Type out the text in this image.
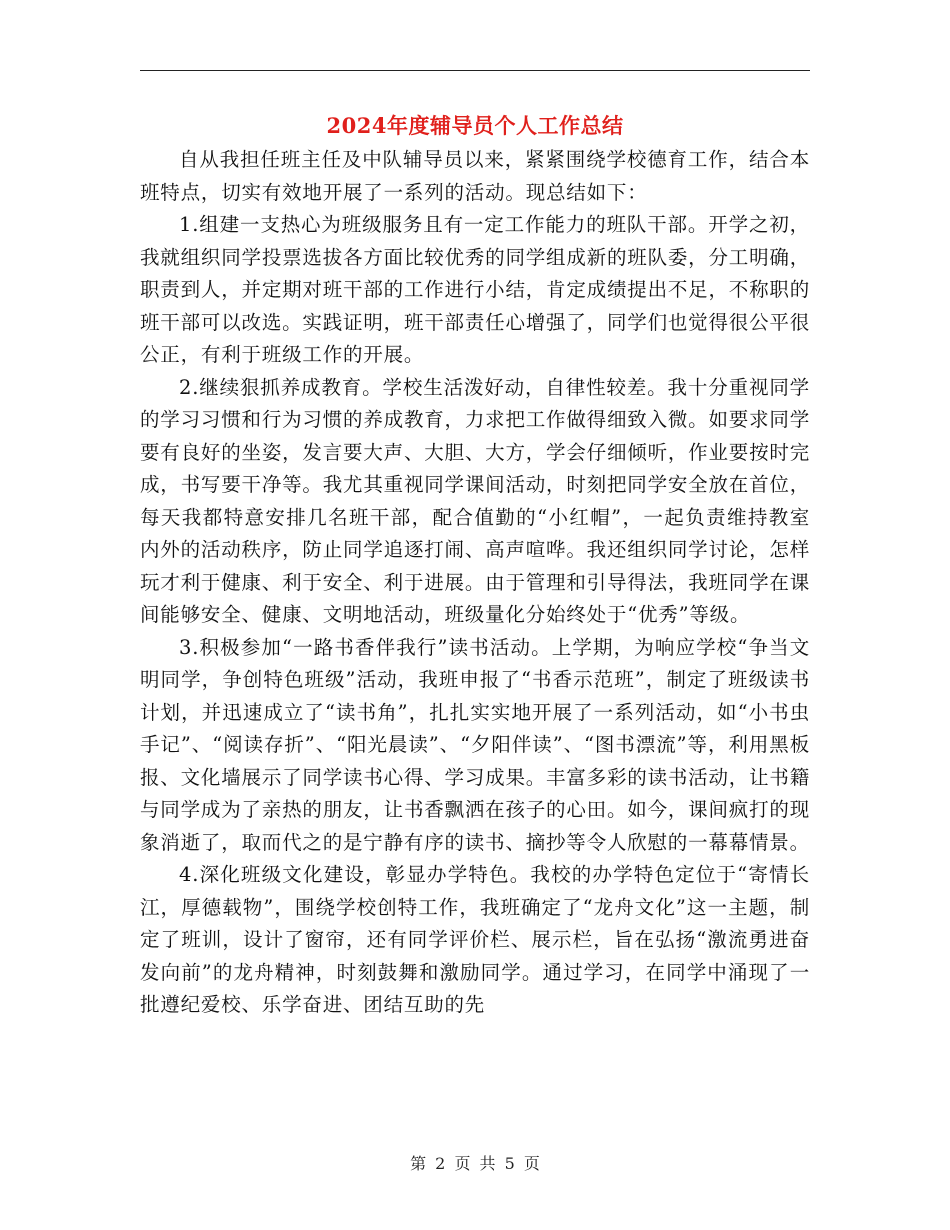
2024年度辅导员个人工作总结

自从我担任班主任及中队辅导员以来，紧紧围绕学校德育工作，结合本班特点，切实有效地开展了一系列的活动。现总结如下：

1.组建一支热心为班级服务且有一定工作能力的班队干部。开学之初，我就组织同学投票选拔各方面比较优秀的同学组成新的班队委，分工明确，职责到人，并定期对班干部的工作进行小结，肯定成绩提出不足，不称职的班干部可以改选。实践证明，班干部责任心增强了，同学们也觉得很公平很公正，有利于班级工作的开展。

2.继续狠抓养成教育。学校生活泼好动，自律性较差。我十分重视同学的学习习惯和行为习惯的养成教育，力求把工作做得细致入微。如要求同学要有良好的坐姿，发言要大声、大胆、大方，学会仔细倾听，作业要按时完成，书写要干净等。我尤其重视同学课间活动，时刻把同学安全放在首位，每天我都特意安排几名班干部，配合值勤的“小红帽”，一起负责维持教室内外的活动秩序，防止同学追逐打闹、高声喧哗。我还组织同学讨论，怎样玩才利于健康、利于安全、利于进展。由于管理和引导得法，我班同学在课间能够安全、健康、文明地活动，班级量化分始终处于“优秀”等级。

3.积极参加“一路书香伴我行”读书活动。上学期，为响应学校“争当文明同学，争创特色班级”活动，我班申报了“书香示范班”，制定了班级读书计划，并迅速成立了“读书角”，扎扎实实地开展了一系列活动，如“小书虫手记”、“阅读存折”、“阳光晨读”、“夕阳伴读”、“图书漂流”等，利用黑板报、文化墙展示了同学读书心得、学习成果。丰富多彩的读书活动，让书籍与同学成为了亲热的朋友，让书香飘洒在孩子的心田。如今，课间疯打的现象消逝了，取而代之的是宁静有序的读书、摘抄等令人欣慰的一幕幕情景。

4.深化班级文化建设，彰显办学特色。我校的办学特色定位于“寄情长江，厚德载物”，围绕学校创特工作，我班确定了“龙舟文化”这一主题，制定了班训，设计了窗帘，还有同学评价栏、展示栏，旨在弘扬“激流勇进奋发向前”的龙舟精神，时刻鼓舞和激励同学。通过学习，在同学中涌现了一批遵纪爱校、乐学奋进、团结互助的先

第 2 页 共 5 页
